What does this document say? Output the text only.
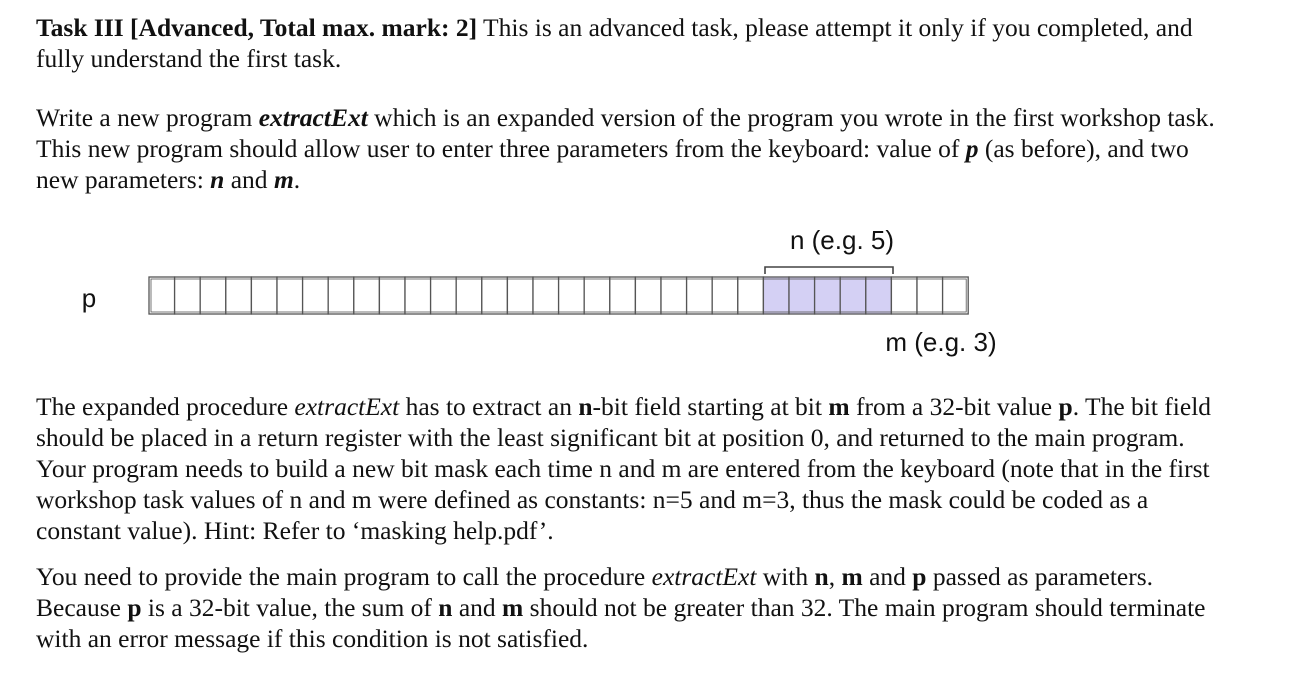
Task III [Advanced, Total max. mark: 2] This is an advanced task, please attempt it only if you completed, and
fully understand the first task.
Write a new program extractExt which is an expanded version of the program you wrote in the first workshop task.
This new program should allow user to enter three parameters from the keyboard: value of p (as before), and two
new parameters: n and m.
p
n (e.g. 5)
m (e.g. 3)
The expanded procedure extractExt has to extract an n-bit field starting at bit m from a 32-bit value p. The bit field
should be placed in a return register with the least significant bit at position 0, and returned to the main program.
Your program needs to build a new bit mask each time n and m are entered from the keyboard (note that in the first
workshop task values of n and m were defined as constants: n=5 and m=3, thus the mask could be coded as a
constant value). Hint: Refer to ‘masking help.pdf’.
You need to provide the main program to call the procedure extractExt with n, m and p passed as parameters.
Because p is a 32-bit value, the sum of n and m should not be greater than 32. The main program should terminate
with an error message if this condition is not satisfied.
